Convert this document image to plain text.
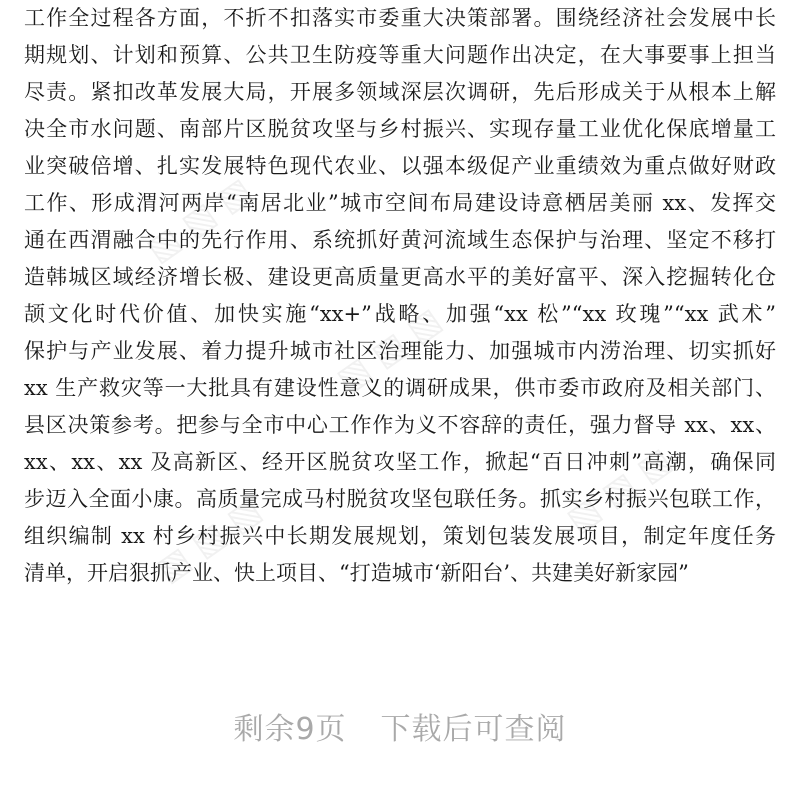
▧ ▧ ▧
▧ ▧ ▧
▧ ▧ ▧	▧ ▧ ▧
工作全过程各方面，不折不扣落实市委重大决策部署。围绕经济社会发展中长
期规划、计划和预算、公共卫生防疫等重大问题作出决定，在大事要事上担当
尽责。紧扣改革发展大局，开展多领域深层次调研，先后形成关于从根本上解
决全市水问题、南部片区脱贫攻坚与乡村振兴、实现存量工业优化保底增量工
业突破倍增、扎实发展特色现代农业、以强本级促产业重绩效为重点做好财政
工作、形成渭河两岸“南居北业”城市空间布局建设诗意栖居美丽 xx、发挥交
通在西渭融合中的先行作用、系统抓好黄河流域生态保护与治理、坚定不移打
造韩城区域经济增长极、建设更高质量更高水平的美好富平、深入挖掘转化仓
颉文化时代价值、加快实施“xx+”战略、加强“xx 松”“xx 玫瑰”“xx 武术”
保护与产业发展、着力提升城市社区治理能力、加强城市内涝治理、切实抓好
xx 生产救灾等一大批具有建设性意义的调研成果，供市委市政府及相关部门、
县区决策参考。把参与全市中心工作作为义不容辞的责任，强力督导 xx、xx、
xx、xx、xx 及高新区、经开区脱贫攻坚工作，掀起“百日冲刺”高潮，确保同
步迈入全面小康。高质量完成马村脱贫攻坚包联任务。抓实乡村振兴包联工作，
组织编制 xx 村乡村振兴中长期发展规划，策划包装发展项目，制定年度任务
清单，开启狠抓产业、快上项目、“打造城市‘新阳台’、共建美好新家园”
剩余9页 下载后可查阅
